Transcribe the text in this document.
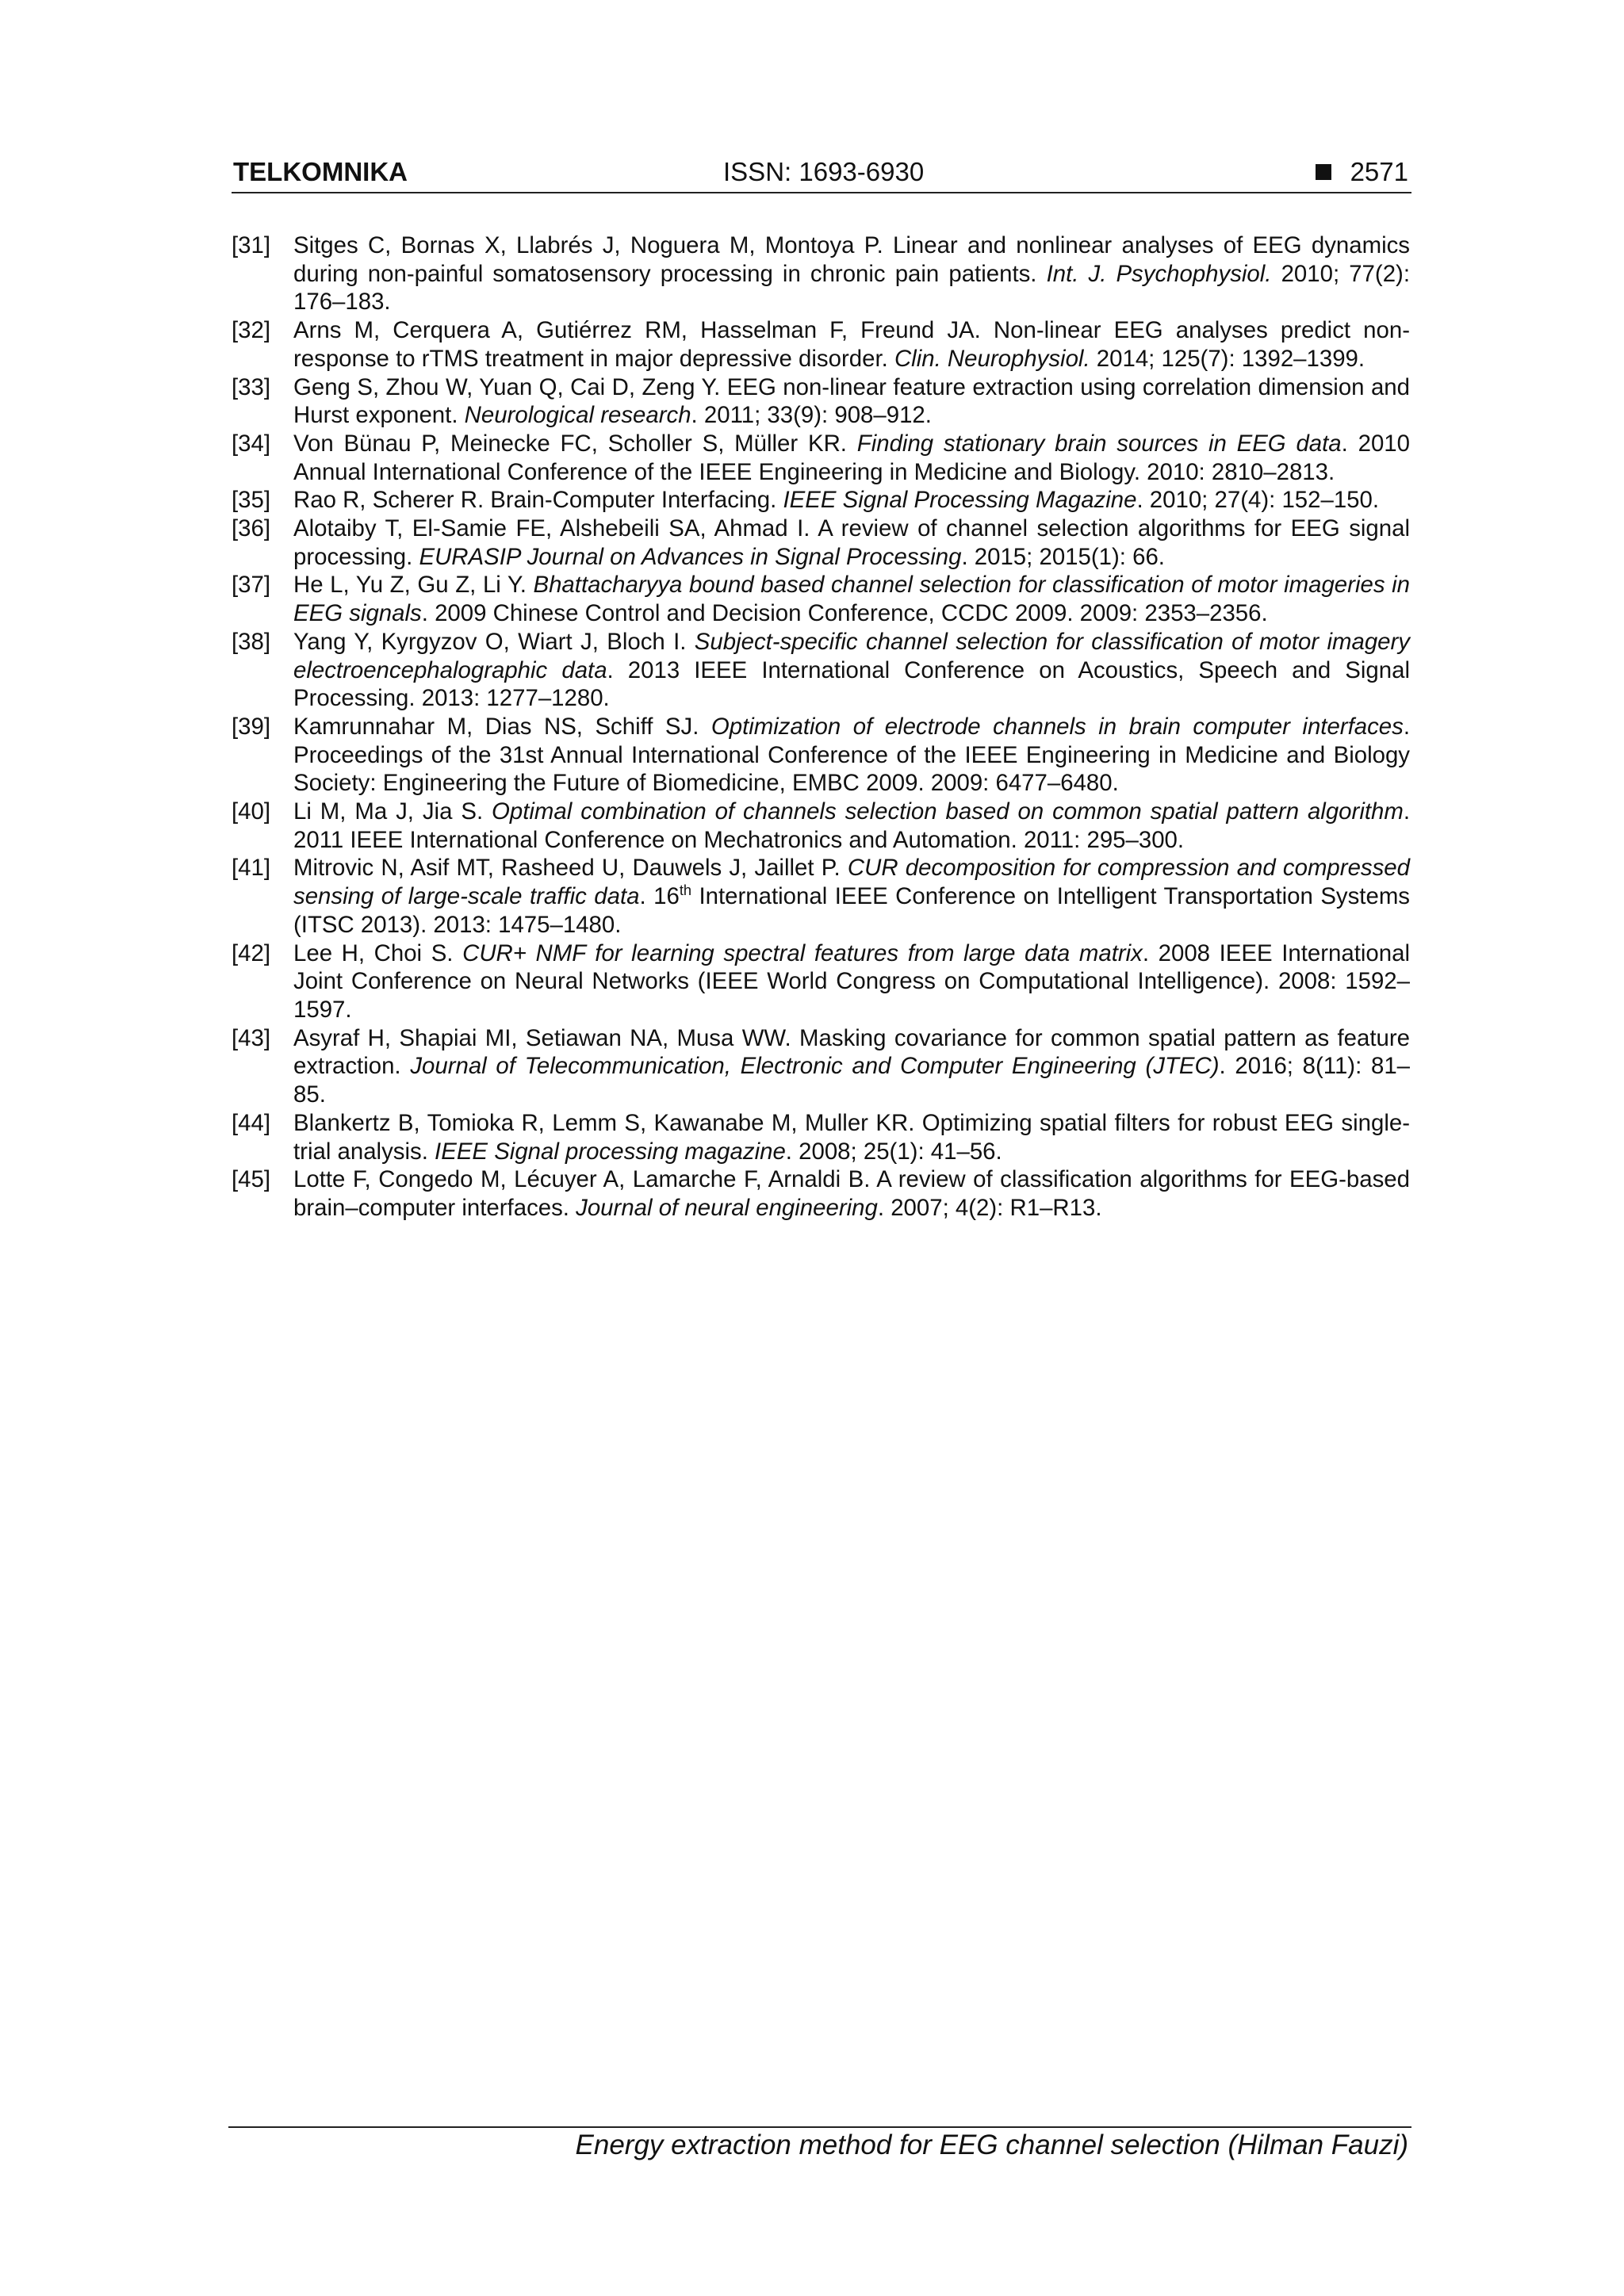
TELKOMNIKA	ISSN: 1693-6930	2571
[31] Sitges C, Bornas X, Llabrés J, Noguera M, Montoya P. Linear and nonlinear analyses of EEG dynamics during non-painful somatosensory processing in chronic pain patients. Int. J. Psychophysiol. 2010; 77(2): 176–183.
[32] Arns M, Cerquera A, Gutiérrez RM, Hasselman F, Freund JA. Non-linear EEG analyses predict non-response to rTMS treatment in major depressive disorder. Clin. Neurophysiol. 2014; 125(7): 1392–1399.
[33] Geng S, Zhou W, Yuan Q, Cai D, Zeng Y. EEG non-linear feature extraction using correlation dimension and Hurst exponent. Neurological research. 2011; 33(9): 908–912.
[34] Von Bünau P, Meinecke FC, Scholler S, Müller KR. Finding stationary brain sources in EEG data. 2010 Annual International Conference of the IEEE Engineering in Medicine and Biology. 2010: 2810–2813.
[35] Rao R, Scherer R. Brain-Computer Interfacing. IEEE Signal Processing Magazine. 2010; 27(4): 152–150.
[36] Alotaiby T, El-Samie FE, Alshebeili SA, Ahmad I. A review of channel selection algorithms for EEG signal processing. EURASIP Journal on Advances in Signal Processing. 2015; 2015(1): 66.
[37] He L, Yu Z, Gu Z, Li Y. Bhattacharyya bound based channel selection for classification of motor imageries in EEG signals. 2009 Chinese Control and Decision Conference, CCDC 2009. 2009: 2353–2356.
[38] Yang Y, Kyrgyzov O, Wiart J, Bloch I. Subject-specific channel selection for classification of motor imagery electroencephalographic data. 2013 IEEE International Conference on Acoustics, Speech and Signal Processing. 2013: 1277–1280.
[39] Kamrunnahar M, Dias NS, Schiff SJ. Optimization of electrode channels in brain computer interfaces. Proceedings of the 31st Annual International Conference of the IEEE Engineering in Medicine and Biology Society: Engineering the Future of Biomedicine, EMBC 2009. 2009: 6477–6480.
[40] Li M, Ma J, Jia S. Optimal combination of channels selection based on common spatial pattern algorithm. 2011 IEEE International Conference on Mechatronics and Automation. 2011: 295–300.
[41] Mitrovic N, Asif MT, Rasheed U, Dauwels J, Jaillet P. CUR decomposition for compression and compressed sensing of large-scale traffic data. 16th International IEEE Conference on Intelligent Transportation Systems (ITSC 2013). 2013: 1475–1480.
[42] Lee H, Choi S. CUR+ NMF for learning spectral features from large data matrix. 2008 IEEE International Joint Conference on Neural Networks (IEEE World Congress on Computational Intelligence). 2008: 1592–1597.
[43] Asyraf H, Shapiai MI, Setiawan NA, Musa WW. Masking covariance for common spatial pattern as feature extraction. Journal of Telecommunication, Electronic and Computer Engineering (JTEC). 2016; 8(11): 81–85.
[44] Blankertz B, Tomioka R, Lemm S, Kawanabe M, Muller KR. Optimizing spatial filters for robust EEG single-trial analysis. IEEE Signal processing magazine. 2008; 25(1): 41–56.
[45] Lotte F, Congedo M, Lécuyer A, Lamarche F, Arnaldi B. A review of classification algorithms for EEG-based brain–computer interfaces. Journal of neural engineering. 2007; 4(2): R1–R13.
Energy extraction method for EEG channel selection (Hilman Fauzi)
